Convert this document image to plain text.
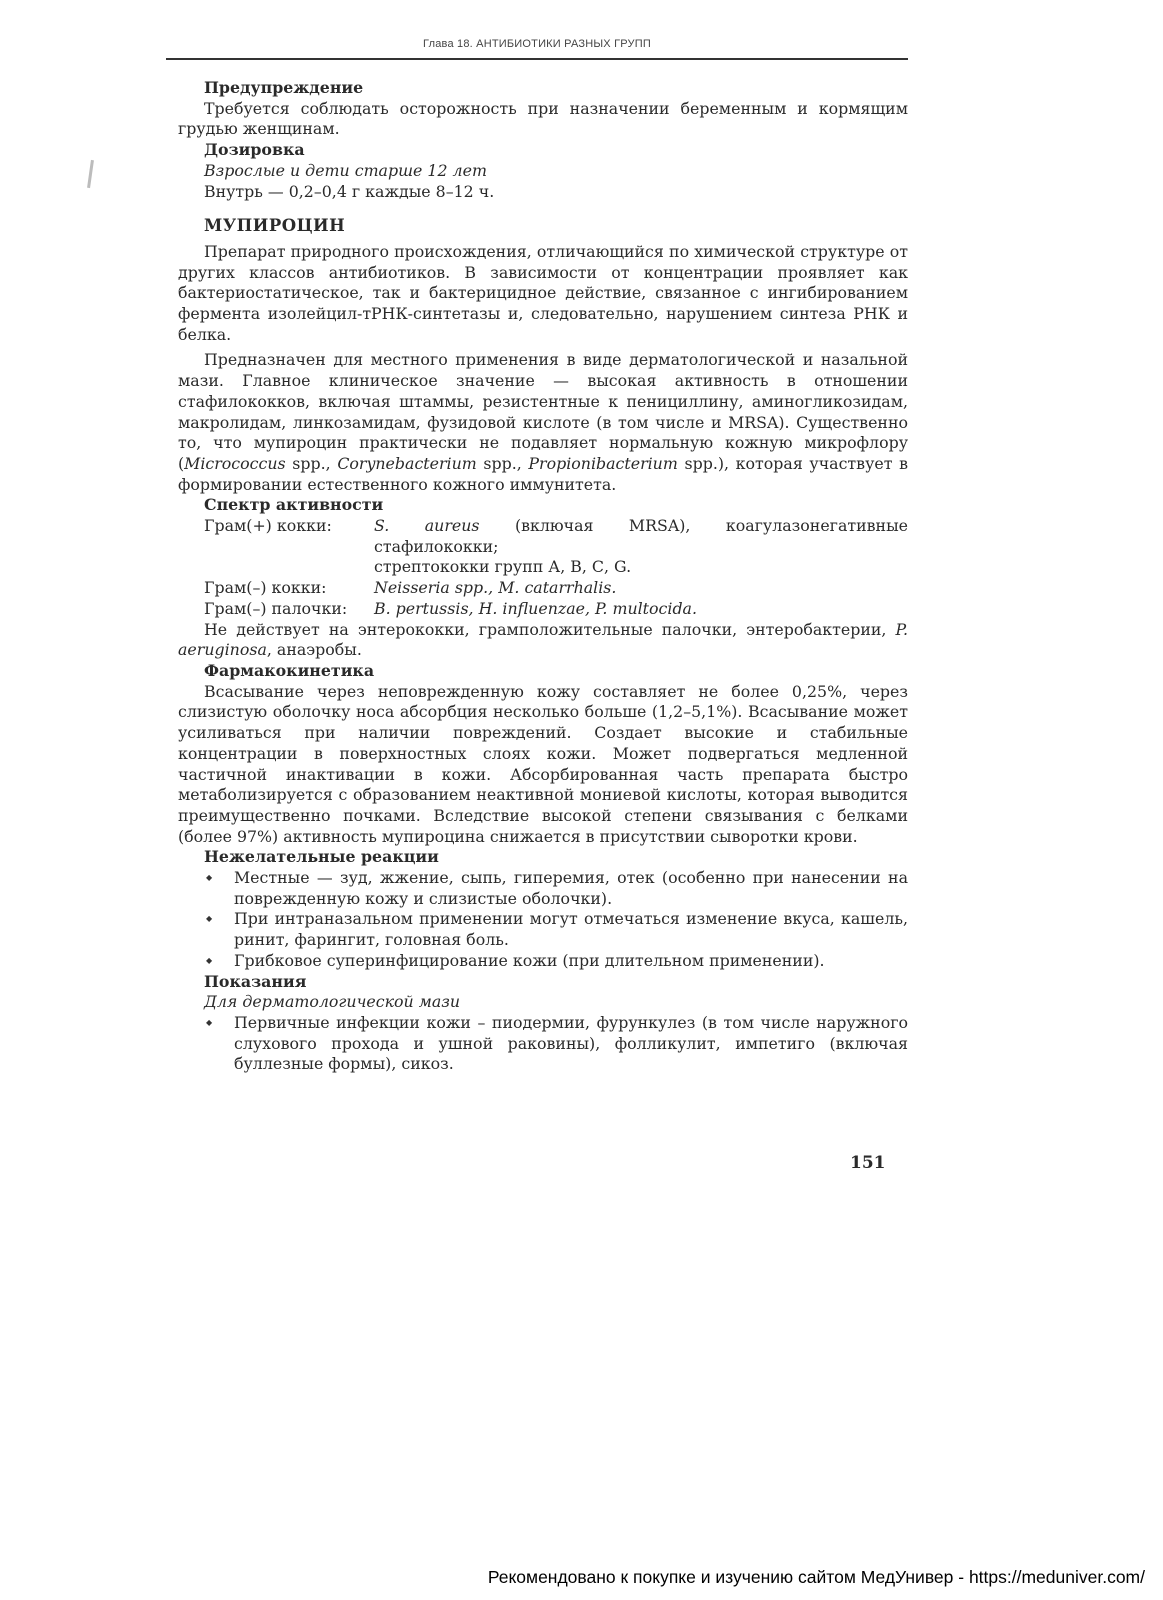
Глава 18. АНТИБИОТИКИ РАЗНЫХ ГРУПП

Предупреждение

Требуется соблюдать осторожность при назначении беременным и кормящим грудью женщинам.

Дозировка

Взрослые и дети старше 12 лет

Внутрь — 0,2–0,4 г каждые 8–12 ч.

МУПИРОЦИН

Препарат природного происхождения, отличающийся по химической структуре от других классов антибиотиков. В зависимости от концентрации проявляет как бактериостатическое, так и бактерицидное действие, связанное с ингибированием фермента изолейцил-тРНК-синтетазы и, следовательно, нарушением синтеза РНК и белка.

Предназначен для местного применения в виде дерматологической и назальной мази. Главное клиническое значение — высокая активность в отношении стафилококков, включая штаммы, резистентные к пенициллину, аминогликозидам, макролидам, линкозамидам, фузидовой кислоте (в том числе и MRSA). Существенно то, что мупироцин практически не подавляет нормальную кожную микрофлору (Micrococcus spp., Corynebacterium spp., Propionibacterium spp.), которая участвует в формировании естественного кожного иммунитета.

Спектр активности

Грам(+) кокки:	S. aureus (включая MRSA), коагулазонегативные стафилококки;
стрептококки групп А, В, С, G.
Грам(–) кокки:	Neisseria spp., M. catarrhalis.
Грам(–) палочки:	B. pertussis, H. influenzae, P. multocida.

Не действует на энтерококки, грамположительные палочки, энтеробактерии, P. aeruginosa, анаэробы.

Фармакокинетика

Всасывание через неповрежденную кожу составляет не более 0,25%, через слизистую оболочку носа абсорбция несколько больше (1,2–5,1%). Всасывание может усиливаться при наличии повреждений. Создает высокие и стабильные концентрации в поверхностных слоях кожи. Может подвергаться медленной частичной инактивации в кожи. Абсорбированная часть препарата быстро метаболизируется с образованием неактивной мониевой кислоты, которая выводится преимущественно почками. Вследствие высокой степени связывания с белками (более 97%) активность мупироцина снижается в присутствии сыворотки крови.

Нежелательные реакции

◆ Местные — зуд, жжение, сыпь, гиперемия, отек (особенно при нанесении на поврежденную кожу и слизистые оболочки).

◆ При интраназальном применении могут отмечаться изменение вкуса, кашель, ринит, фарингит, головная боль.

◆ Грибковое суперинфицирование кожи (при длительном применении).

Показания

Для дерматологической мази

◆ Первичные инфекции кожи – пиодермии, фурункулез (в том числе наружного слухового прохода и ушной раковины), фолликулит, импетиго (включая буллезные формы), сикоз.

151
Рекомендовано к покупке и изучению сайтом МедУнивер - https://meduniver.com/
